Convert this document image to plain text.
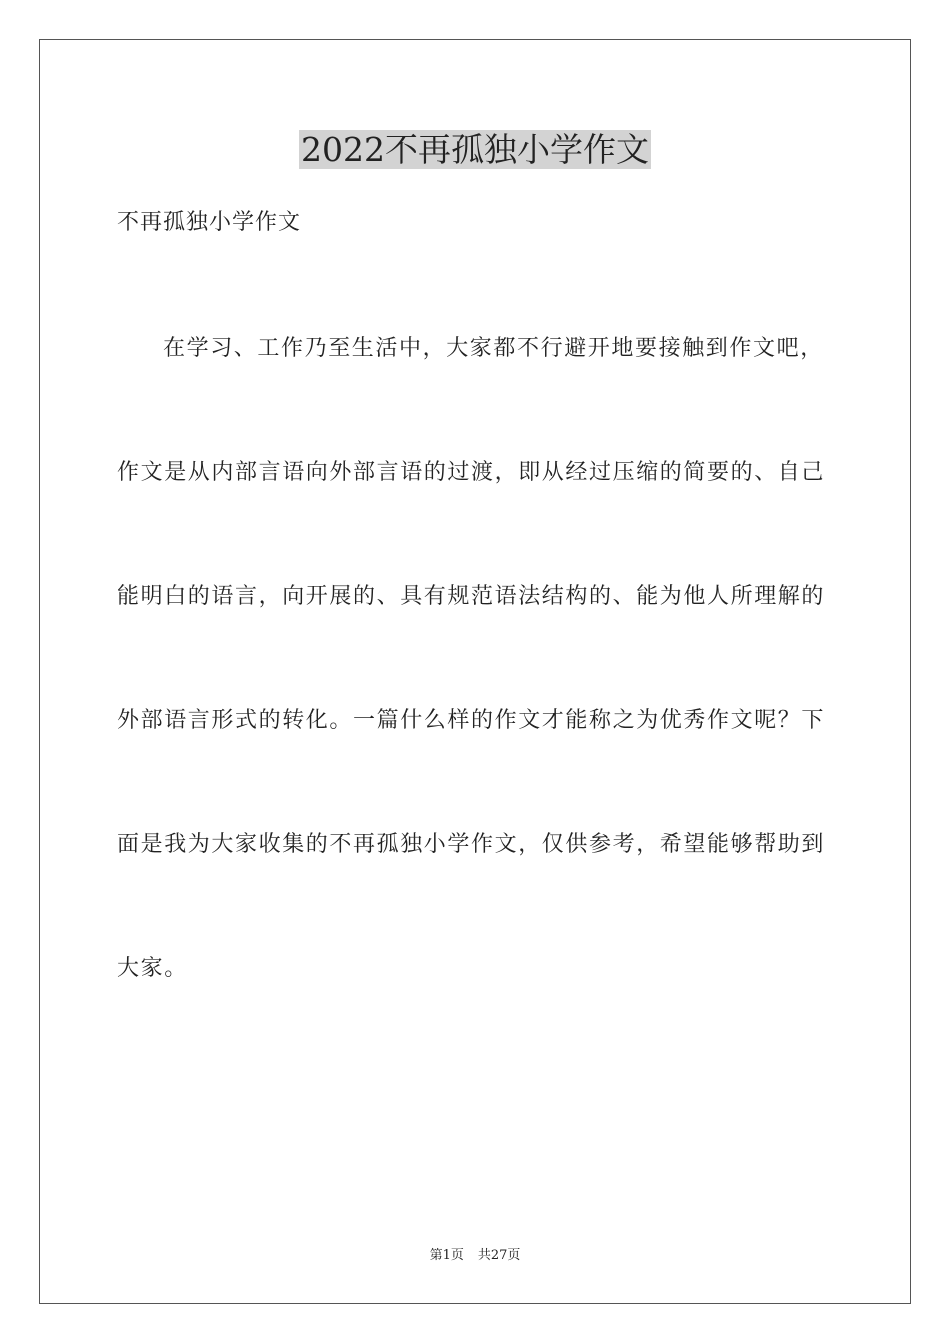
2022不再孤独小学作文
不再孤独小学作文
在学习、工作乃至生活中，大家都不行避开地要接触到作文吧，
作文是从内部言语向外部言语的过渡，即从经过压缩的简要的、自己
能明白的语言，向开展的、具有规范语法结构的、能为他人所理解的
外部语言形式的转化。一篇什么样的作文才能称之为优秀作文呢？下
面是我为大家收集的不再孤独小学作文，仅供参考，希望能够帮助到
大家。
第1页 共27页
